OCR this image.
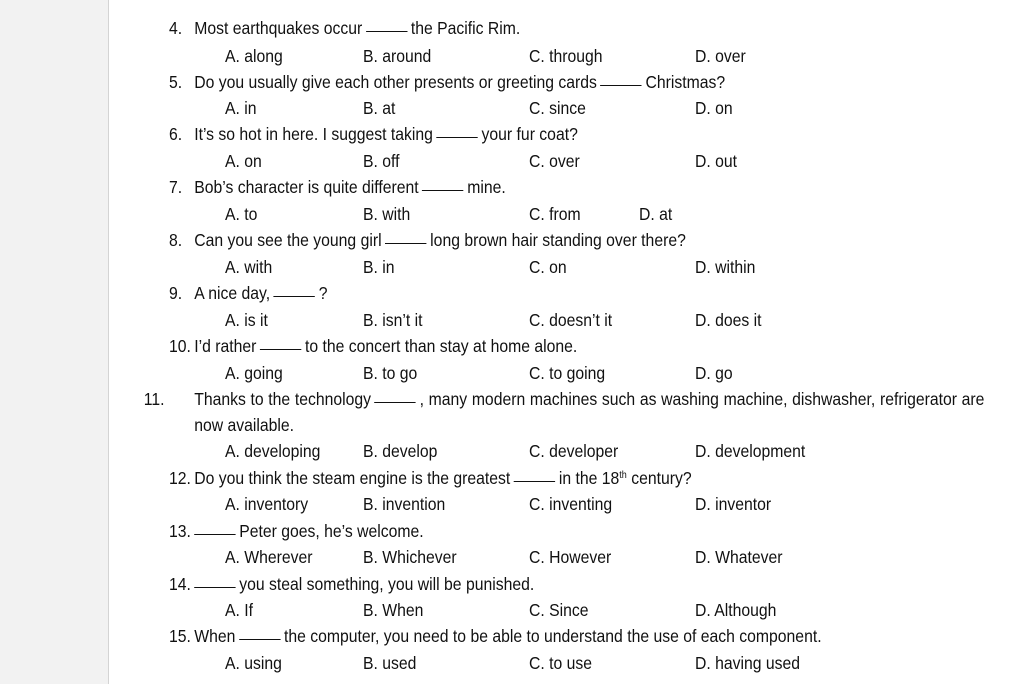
4. Most earthquakes occur	the Pacific Rim.
A. along	B. around	C. through	D. over
5. Do you usually give each other presents or greeting cards	Christmas?
A. in	B. at	C. since	D. on
6. It’s so hot in here. I suggest taking	your fur coat?
A. on	B. off	C. over	D. out
7. Bob’s character is quite different	mine.
A. to	B. with	C. from	D. at
8. Can you see the young girl	long brown hair standing over there?
A. with	B. in	C. on	D. within
9. A nice day,	?
A. is it	B. isn’t it	C. doesn’t it	D. does it
10. I’d rather	to the concert than stay at home alone.
A. going	B. to go	C. to going	D. go
11. Thanks to the technology	, many modern machines such as washing machine, dishwasher, refrigerator are now available.
A. developing B. develop	C. developer	D. development
12. Do you think the steam engine is the greatest	in the 18th century?
A. inventory	B. invention	C. inventing	D. inventor
13.	Peter goes, he’s welcome.
A. Wherever	B. Whichever	C. However	D. Whatever
14.	you steal something, you will be punished.
A. If	B. When	C. Since	D. Although
15. When	the computer, you need to be able to understand the use of each component.
A. using	B. used	C. to use	D. having used
